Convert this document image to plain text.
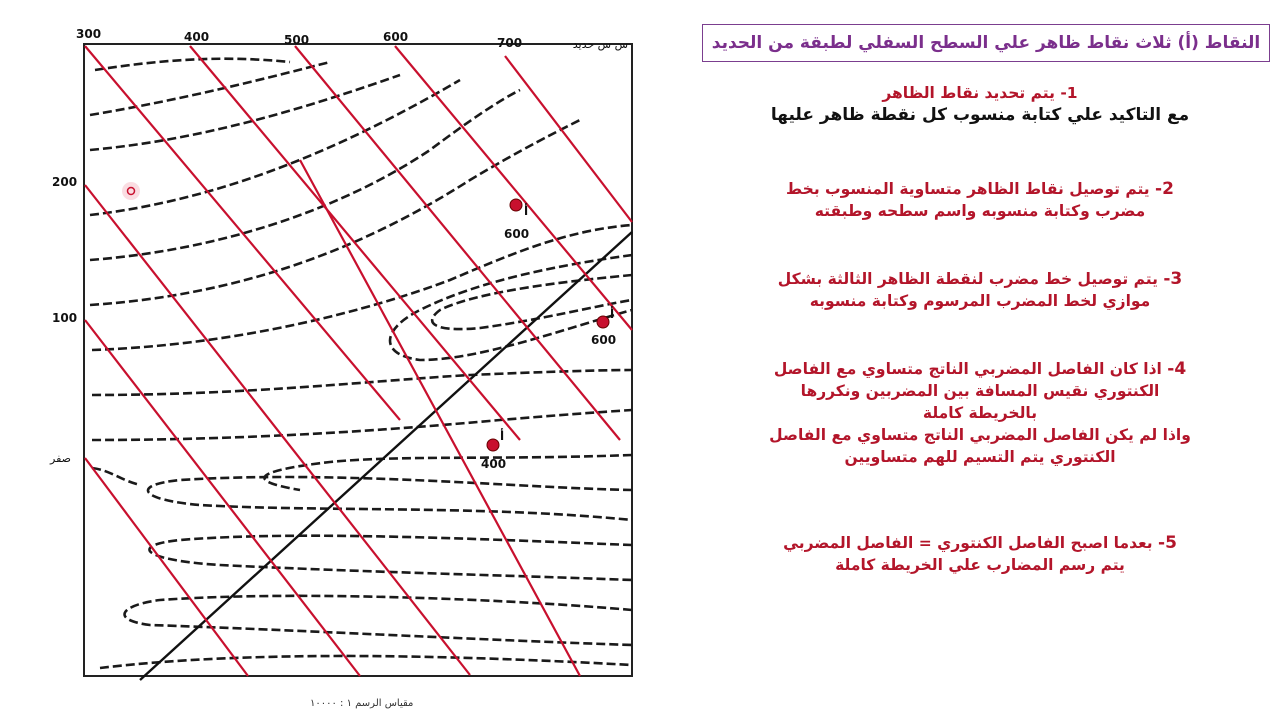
300	400	500	600	700	س س حديد
200
100
صفر
أ
600
أ
600
أ
400
مقياس الرسم ١ : ١٠٠٠٠
النقاط (أ) ثلاث نقاط ظاهر علي السطح السفلي لطبقة من الحديد

1- يتم تحديد نقاط الظاهر

مع التاكيد علي كتابة منسوب كل نقطة ظاهر عليها

2- يتم توصيل نقاط الظاهر متساوية المنسوب بخط

مضرب وكتابة منسوبه واسم سطحه وطبقته

3- يتم توصيل خط مضرب لنقطة الظاهر الثالثة بشكل

موازي لخط المضرب المرسوم وكتابة منسوبه

4- اذا كان الفاصل المضربي الناتج متساوي مع الفاصل

الكنتوري نقيس المسافة بين المضربين ونكررها

بالخريطة كاملة

واذا لم يكن الفاصل المضربي الناتج متساوي مع الفاصل

الكنتوري يتم التسيم للهم متساويين

5- بعدما اصبح الفاصل الكنتوري = الفاصل المضربي

يتم رسم المضارب علي الخريطة كاملة
